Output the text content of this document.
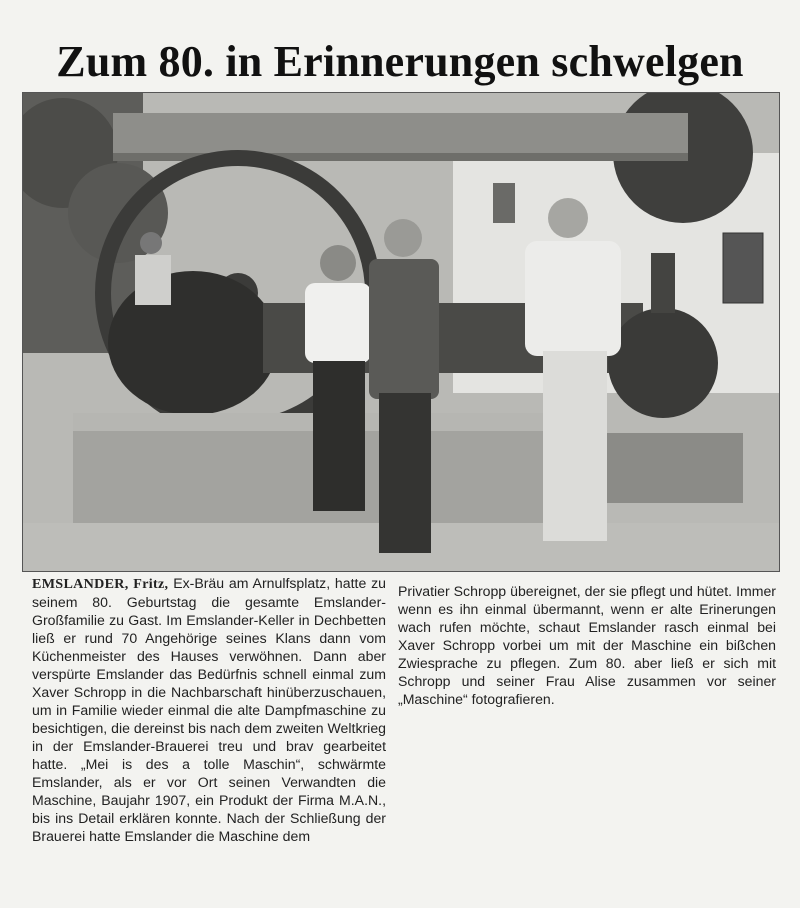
Zum 80. in Erinnerungen schwelgen
EMSLANDER, Fritz, Ex-Bräu am Arnulfsplatz, hatte zu seinem 80. Geburtstag die gesamte Emslander-Großfamilie zu Gast. Im Emslander-Keller in Dechbetten ließ er rund 70 Angehörige seines Klans dann vom Küchenmeister des Hauses verwöhnen. Dann aber verspürte Emslander das Bedürfnis schnell einmal zum Xaver Schropp in die Nachbarschaft hinüberzuschauen, um in Familie wieder einmal die alte Dampfmaschine zu besichtigen, die dereinst bis nach dem zweiten Weltkrieg in der Emslander-Brauerei treu und brav gearbeitet hatte. „Mei is des a tolle Maschin“, schwärmte Emslander, als er vor Ort seinen Verwandten die Maschine, Baujahr 1907, ein Produkt der Firma M.A.N., bis ins Detail erklären konnte. Nach der Schließung der Brauerei hatte Emslander die Maschine dem
Privatier Schropp übereignet, der sie pflegt und hütet. Immer wenn es ihn einmal übermannt, wenn er alte Erinerungen wach rufen möchte, schaut Emslander rasch einmal bei Xaver Schropp vorbei um mit der Maschine ein bißchen Zwiesprache zu pflegen. Zum 80. aber ließ er sich mit Schropp und seiner Frau Alise zusammen vor seiner „Maschine“ fotografieren.
